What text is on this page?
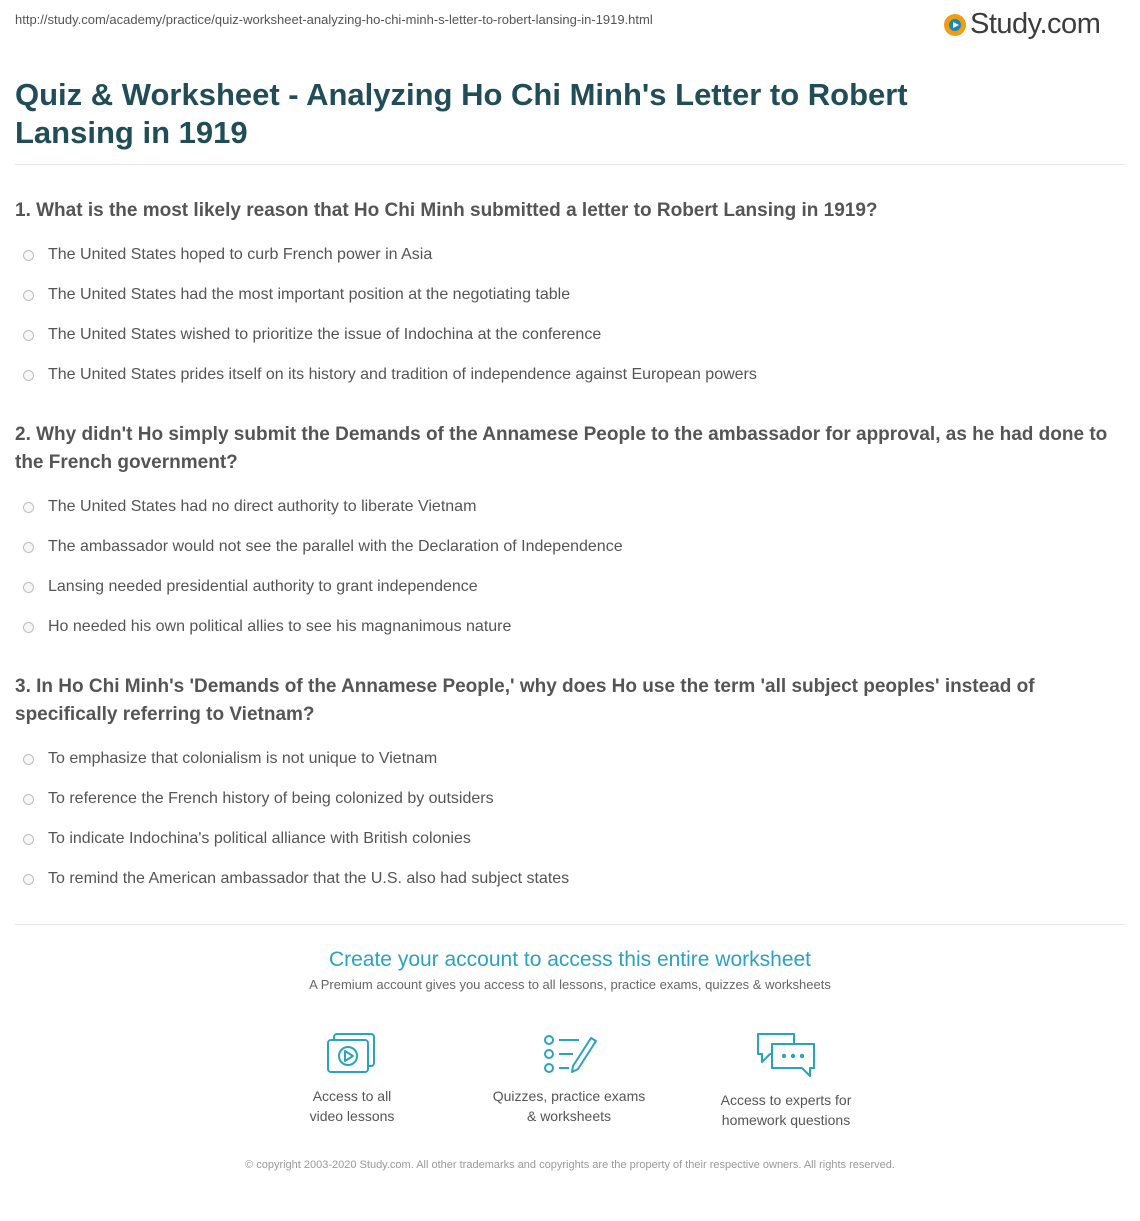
http://study.com/academy/practice/quiz-worksheet-analyzing-ho-chi-minh-s-letter-to-robert-lansing-in-1919.html	Study.com
Quiz & Worksheet - Analyzing Ho Chi Minh's Letter to Robert Lansing in 1919

1. What is the most likely reason that Ho Chi Minh submitted a letter to Robert Lansing in 1919?

The United States hoped to curb French power in Asia
The United States had the most important position at the negotiating table
The United States wished to prioritize the issue of Indochina at the conference
The United States prides itself on its history and tradition of independence against European powers

2. Why didn't Ho simply submit the Demands of the Annamese People to the ambassador for approval, as he had done to the French government?

The United States had no direct authority to liberate Vietnam
The ambassador would not see the parallel with the Declaration of Independence
Lansing needed presidential authority to grant independence
Ho needed his own political allies to see his magnanimous nature

3. In Ho Chi Minh's 'Demands of the Annamese People,' why does Ho use the term 'all subject peoples' instead of specifically referring to Vietnam?

To emphasize that colonialism is not unique to Vietnam
To reference the French history of being colonized by outsiders
To indicate Indochina's political alliance with British colonies
To remind the American ambassador that the U.S. also had subject states
Create your account to access this entire worksheet
A Premium account gives you access to all lessons, practice exams, quizzes & worksheets
Access to all
video lessons
Quizzes, practice exams
& worksheets
Access to experts for
homework questions
© copyright 2003-2020 Study.com. All other trademarks and copyrights are the property of their respective owners. All rights reserved.
